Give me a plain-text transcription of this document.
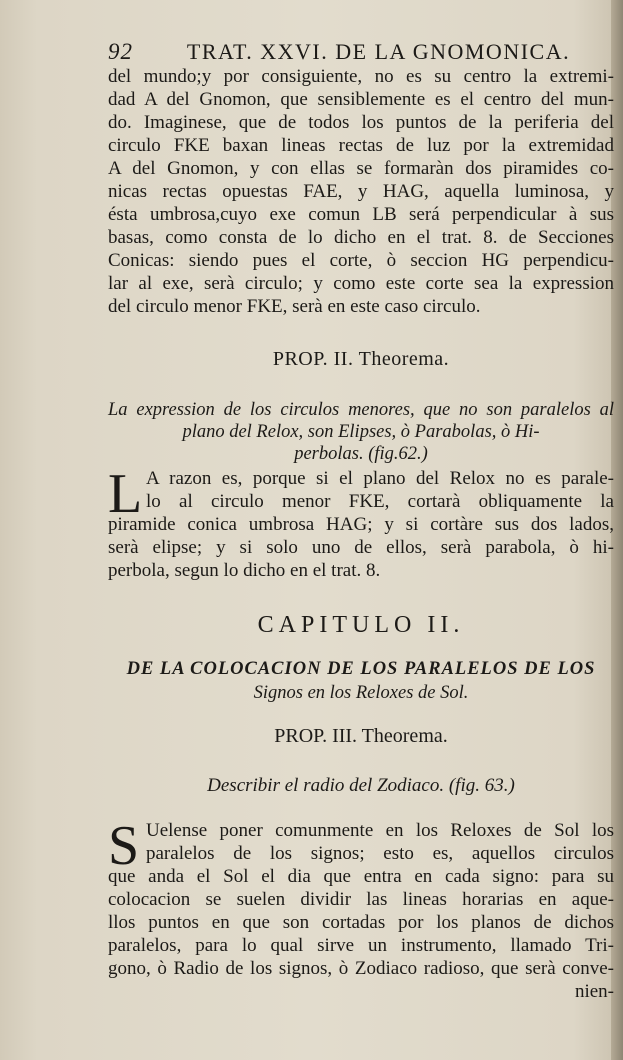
92	TRAT. XXVI. DE LA GNOMONICA.
del mundo;y por consiguiente, no es su centro la extremi-
dad A del Gnomon, que sensiblemente es el centro del mun-
do. Imaginese, que de todos los puntos de la periferia del
circulo FKE baxan lineas rectas de luz por la extremidad
A del Gnomon, y con ellas se formaràn dos piramides co-
nicas rectas opuestas FAE, y HAG, aquella luminosa, y
ésta umbrosa,cuyo exe comun LB será perpendicular à sus
basas, como consta de lo dicho en el trat. 8. de Secciones
Conicas: siendo pues el corte, ò seccion HG perpendicu-
lar al exe, serà circulo; y como este corte sea la expression
del circulo menor FKE, serà en este caso circulo.
PROP. II. Theorema.
La expression de los circulos menores, que no son paralelos al
plano del Relox, son Elipses, ò Parabolas, ò Hi-
perbolas. (fig.62.)
L A razon es, porque si el plano del Relox no es parale-
lo al circulo menor FKE, cortarà obliquamente la
piramide conica umbrosa HAG; y si cortàre sus dos lados,
serà elipse; y si solo uno de ellos, serà parabola, ò hi-
perbola, segun lo dicho en el trat. 8.
CAPITULO II.
DE LA COLOCACION DE LOS PARALELOS DE LOS
Signos en los Reloxes de Sol.
PROP. III. Theorema.
Describir el radio del Zodiaco. (fig. 63.)
S Uelense poner comunmente en los Reloxes de Sol los
paralelos de los signos; esto es, aquellos circulos
que anda el Sol el dia que entra en cada signo: para su
colocacion se suelen dividir las lineas horarias en aque-
llos puntos en que son cortadas por los planos de dichos
paralelos, para lo qual sirve un instrumento, llamado Tri-
gono, ò Radio de los signos, ò Zodiaco radioso, que serà conve-
nien-
